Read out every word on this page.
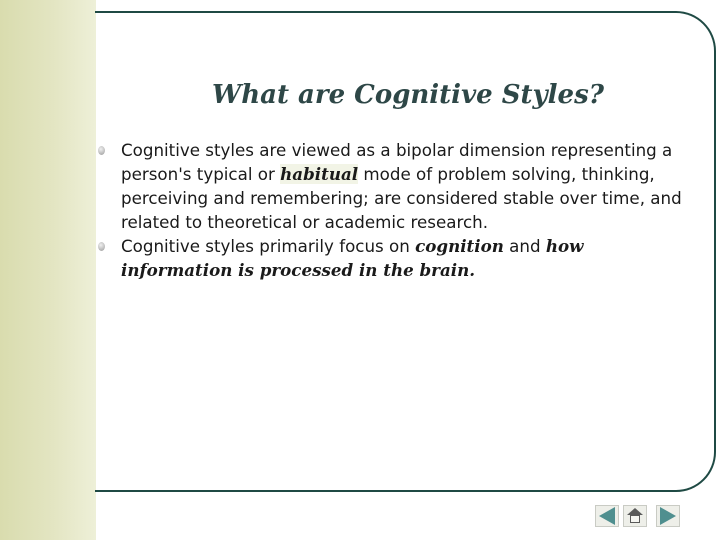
What are Cognitive Styles?
Cognitive styles are viewed as a bipolar dimension representing a person's typical or habitual mode of problem solving, thinking, perceiving and remembering; are considered stable over time, and related to theoretical or academic research.
Cognitive styles primarily focus on cognition and how information is processed in the brain.
